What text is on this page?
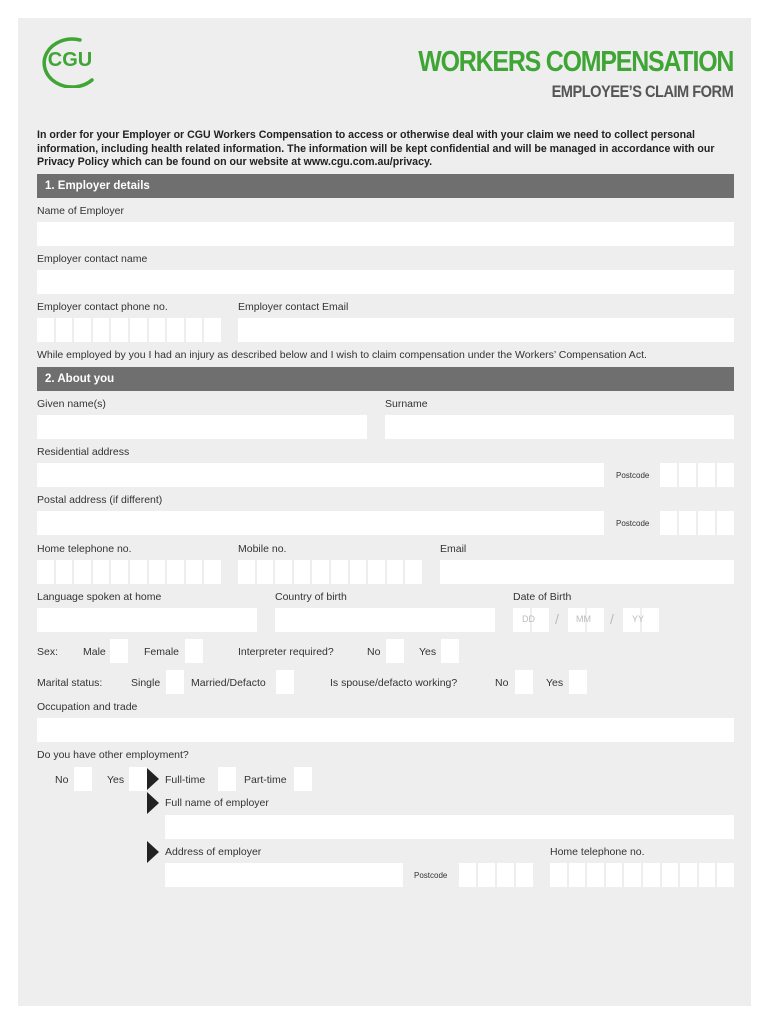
CGU	WORKERS COMPENSATION
EMPLOYEE’S CLAIM FORM
In order for your Employer or CGU Workers Compensation to access or otherwise deal with your claim we need to collect personal information, including health related information. The information will be kept confidential and will be managed in accordance with our Privacy Policy which can be found on our website at www.cgu.com.au/privacy.
1. Employer details
Name of Employer
Employer contact name
Employer contact phone no.	Employer contact Email
While employed by you I had an injury as described below and I wish to claim compensation under the Workers’ Compensation Act.
2. About you
Given name(s)	Surname
Residential address
Postcode
Postal address (if different)
Postcode
Home telephone no.	Mobile no.	Email
Language spoken at home	Country of birth	Date of Birth
DD / MM / YY
Sex: Male	Female	Interpreter required?	No	Yes
Marital status:	Single	Married/Defacto	Is spouse/defacto working?	No	Yes
Occupation and trade
Do you have other employment?
No	Yes	Full-time	Part-time
Full name of employer
Address of employer
Postcode
Home telephone no.
